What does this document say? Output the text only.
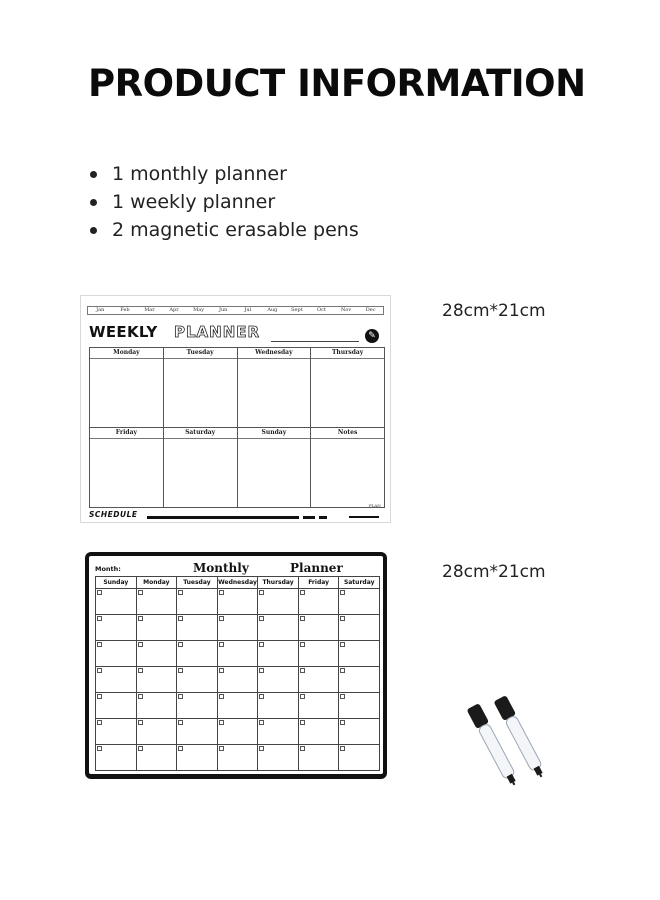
PRODUCT INFORMATION
1 monthly planner
1 weekly planner
2 magnetic erasable pens
Jan	Feb	Mar	Apr	May	Jun	Jul	Aug	Sept	Oct	Nov	Dec
WEEKLY PLANNER	✎
Monday	Tuesday	Wednesday	Thursday
Friday	Saturday	Sunday	Notes
SCHEDULE
PLAN
28cm*21cm
Month:	Monthly	Planner
Sunday	Monday	Tuesday	Wednesday Thursday	Friday	Saturday
28cm*21cm
